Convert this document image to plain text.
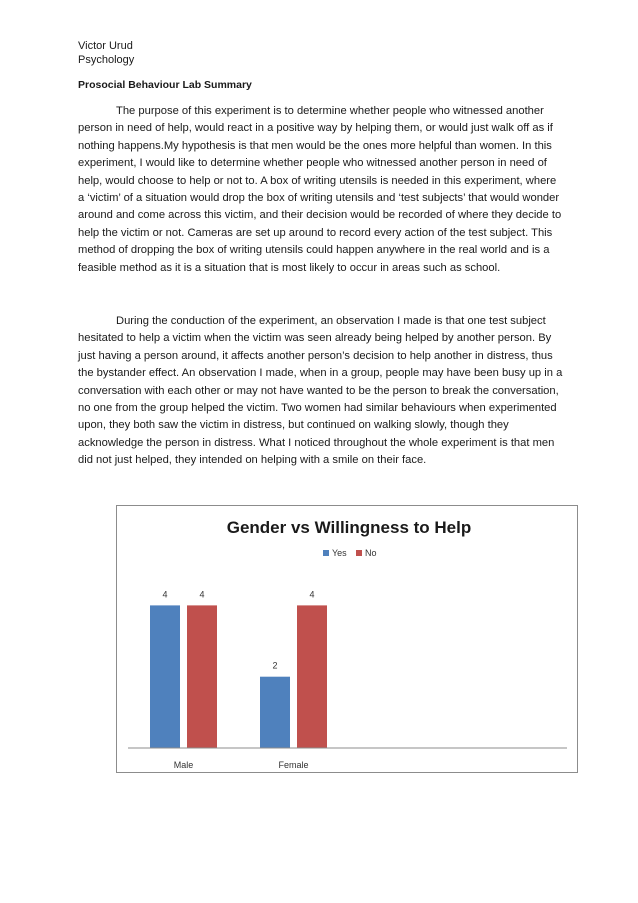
Victor Urud
Psychology
Prosocial Behaviour Lab Summary

The purpose of this experiment is to determine whether people who witnessed another person in need of help, would react in a positive way by helping them, or would just walk off as if nothing happens.My hypothesis is that men would be the ones more helpful than women. In this experiment, I would like to determine whether people who witnessed another person in need of help, would choose to help or not to. A box of writing utensils is needed in this experiment, where a ‘victim’ of a situation would drop the box of writing utensils and ‘test subjects’ that would wonder around and come across this victim, and their decision would be recorded of where they decide to help the victim or not. Cameras are set up around to record every action of the test subject. This method of dropping the box of writing utensils could happen anywhere in the real world and is a feasible method as it is a situation that is most likely to occur in areas such as school.

During the conduction of the experiment, an observation I made is that one test subject hesitated to help a victim when the victim was seen already being helped by another person. By just having a person around, it affects another person’s decision to help another in distress, thus the bystander effect. An observation I made, when in a group, people may have been busy up in a conversation with each other or may not have wanted to be the person to break the conversation, no one from the group helped the victim. Two women had similar behaviours when experimented upon, they both saw the victim in distress, but continued on walking slowly, though they acknowledge the person in distress. What I noticed throughout the whole experiment is that men did not just helped, they intended on helping with a smile on their face.

Gender vs Willingness to Help
Yes No
4	4
2
4
Male	Female
